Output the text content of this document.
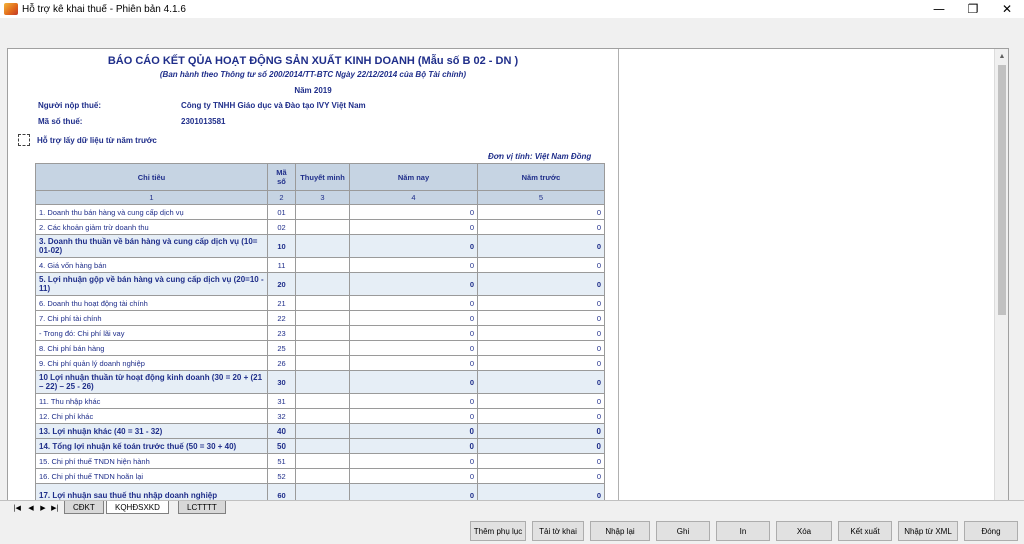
Hỗ trợ kê khai thuế - Phiên bản 4.1.6	—	❐	✕
BÁO CÁO KẾT QỦA HOẠT ĐỘNG SẢN XUẤT KINH DOANH (Mẫu số B 02 - DN )
(Ban hành theo Thông tư số 200/2014/TT-BTC Ngày 22/12/2014 của Bộ Tài chính)
Năm 2019
Người nộp thuế:	Công ty TNHH Giáo dục và Đào tạo IVY Việt Nam
Mã số thuế:	2301013581
Hỗ trợ lấy dữ liệu từ năm trước
Đơn vị tính: Việt Nam Đồng
Chỉ tiêu	Mã số	Thuyết minh	Năm nay	Năm trước
1	2	3	4	5
1. Doanh thu bán hàng và cung cấp dịch vụ	01		0	0
2. Các khoản giảm trừ doanh thu	02		0	0
3. Doanh thu thuần về bán hàng và cung cấp dịch vụ (10= 01-02)	10		0	0
4. Giá vốn hàng bán	11		0	0
5. Lợi nhuận gộp về bán hàng và cung cấp dịch vụ (20=10 - 11)	20		0	0
6. Doanh thu hoạt động tài chính	21		0	0
7. Chi phí tài chính	22		0	0
- Trong đó: Chi phí lãi vay	23		0	0
8. Chi phí bán hàng	25		0	0
9. Chi phí quản lý doanh nghiệp	26		0	0
10 Lợi nhuận thuần từ hoạt động kinh doanh (30 = 20 + (21 – 22) – 25 - 26)	30		0	0
11. Thu nhập khác	31		0	0
12. Chi phí khác	32		0	0
13. Lợi nhuận khác (40 = 31 - 32)	40		0	0
14. Tổng lợi nhuận kế toán trước thuế (50 = 30 + 40)	50		0	0
15. Chi phí thuế TNDN hiện hành	51		0	0
16. Chi phí thuế TNDN hoãn lại	52		0	0
17. Lợi nhuận sau thuế thu nhập doanh nghiệp	60		0	0
▲
|◀	◀ ▶ ▶|	CĐKT	KQHĐSXKD	LCTTTT
Thêm phụ lục	Tải tờ khai	Nhập lại	Ghi	In	Xóa	Kết xuất	Nhập từ XML	Đóng
